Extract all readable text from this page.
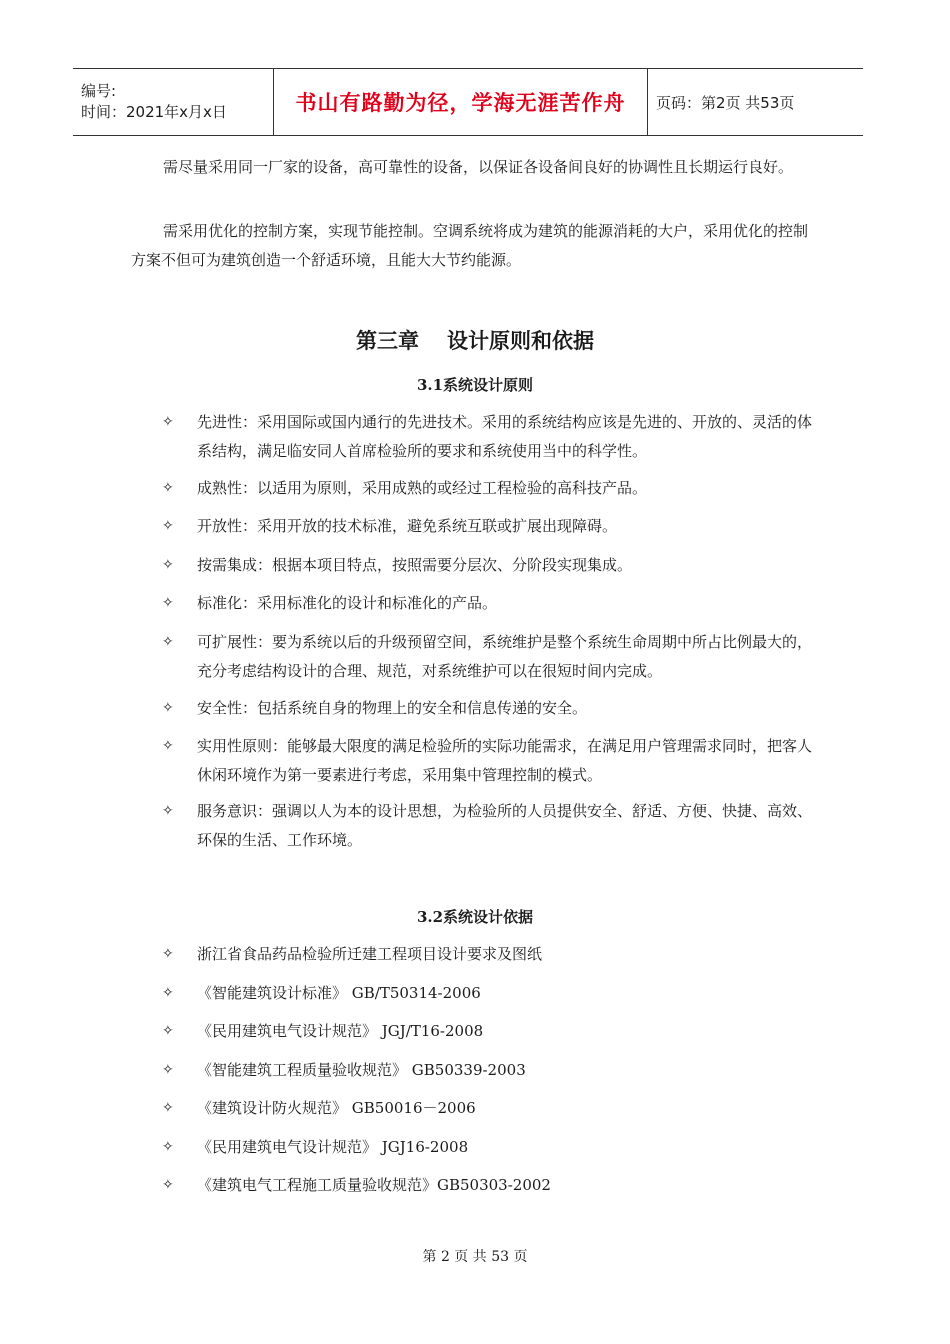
编号:
时间：2021年x月x日	书山有路勤为径，学海无涯苦作舟 页码：第2页 共53页
需尽量采用同一厂家的设备，高可靠性的设备，以保证各设备间良好的协调性且长期运行良好。
需采用优化的控制方案，实现节能控制。空调系统将成为建筑的能源消耗的大户，采用优化的控制方案不但可为建筑创造一个舒适环境，且能大大节约能源。
第三章 设计原则和依据
3.1系统设计原则
✧	先进性：采用国际或国内通行的先进技术。采用的系统结构应该是先进的、开放的、灵活的体系结构，满足临安同人首席检验所的要求和系统使用当中的科学性。
✧	成熟性：以适用为原则，采用成熟的或经过工程检验的高科技产品。
✧	开放性：采用开放的技术标准，避免系统互联或扩展出现障碍。
✧	按需集成：根据本项目特点，按照需要分层次、分阶段实现集成。
✧	标准化：采用标准化的设计和标准化的产品。
✧	可扩展性：要为系统以后的升级预留空间，系统维护是整个系统生命周期中所占比例最大的，充分考虑结构设计的合理、规范，对系统维护可以在很短时间内完成。
✧	安全性：包括系统自身的物理上的安全和信息传递的安全。
✧	实用性原则：能够最大限度的满足检验所的实际功能需求，在满足用户管理需求同时，把客人休闲环境作为第一要素进行考虑，采用集中管理控制的模式。
✧	服务意识：强调以人为本的设计思想，为检验所的人员提供安全、舒适、方便、快捷、高效、环保的生活、工作环境。
3.2系统设计依据
✧	浙江省食品药品检验所迁建工程项目设计要求及图纸
✧	《智能建筑设计标准》 GB/T50314-2006
✧	《民用建筑电气设计规范》 JGJ/T16-2008
✧	《智能建筑工程质量验收规范》 GB50339-2003
✧	《建筑设计防火规范》 GB50016－2006
✧	《民用建筑电气设计规范》 JGJ16-2008
✧	《建筑电气工程施工质量验收规范》GB50303-2002
第 2 页 共 53 页
